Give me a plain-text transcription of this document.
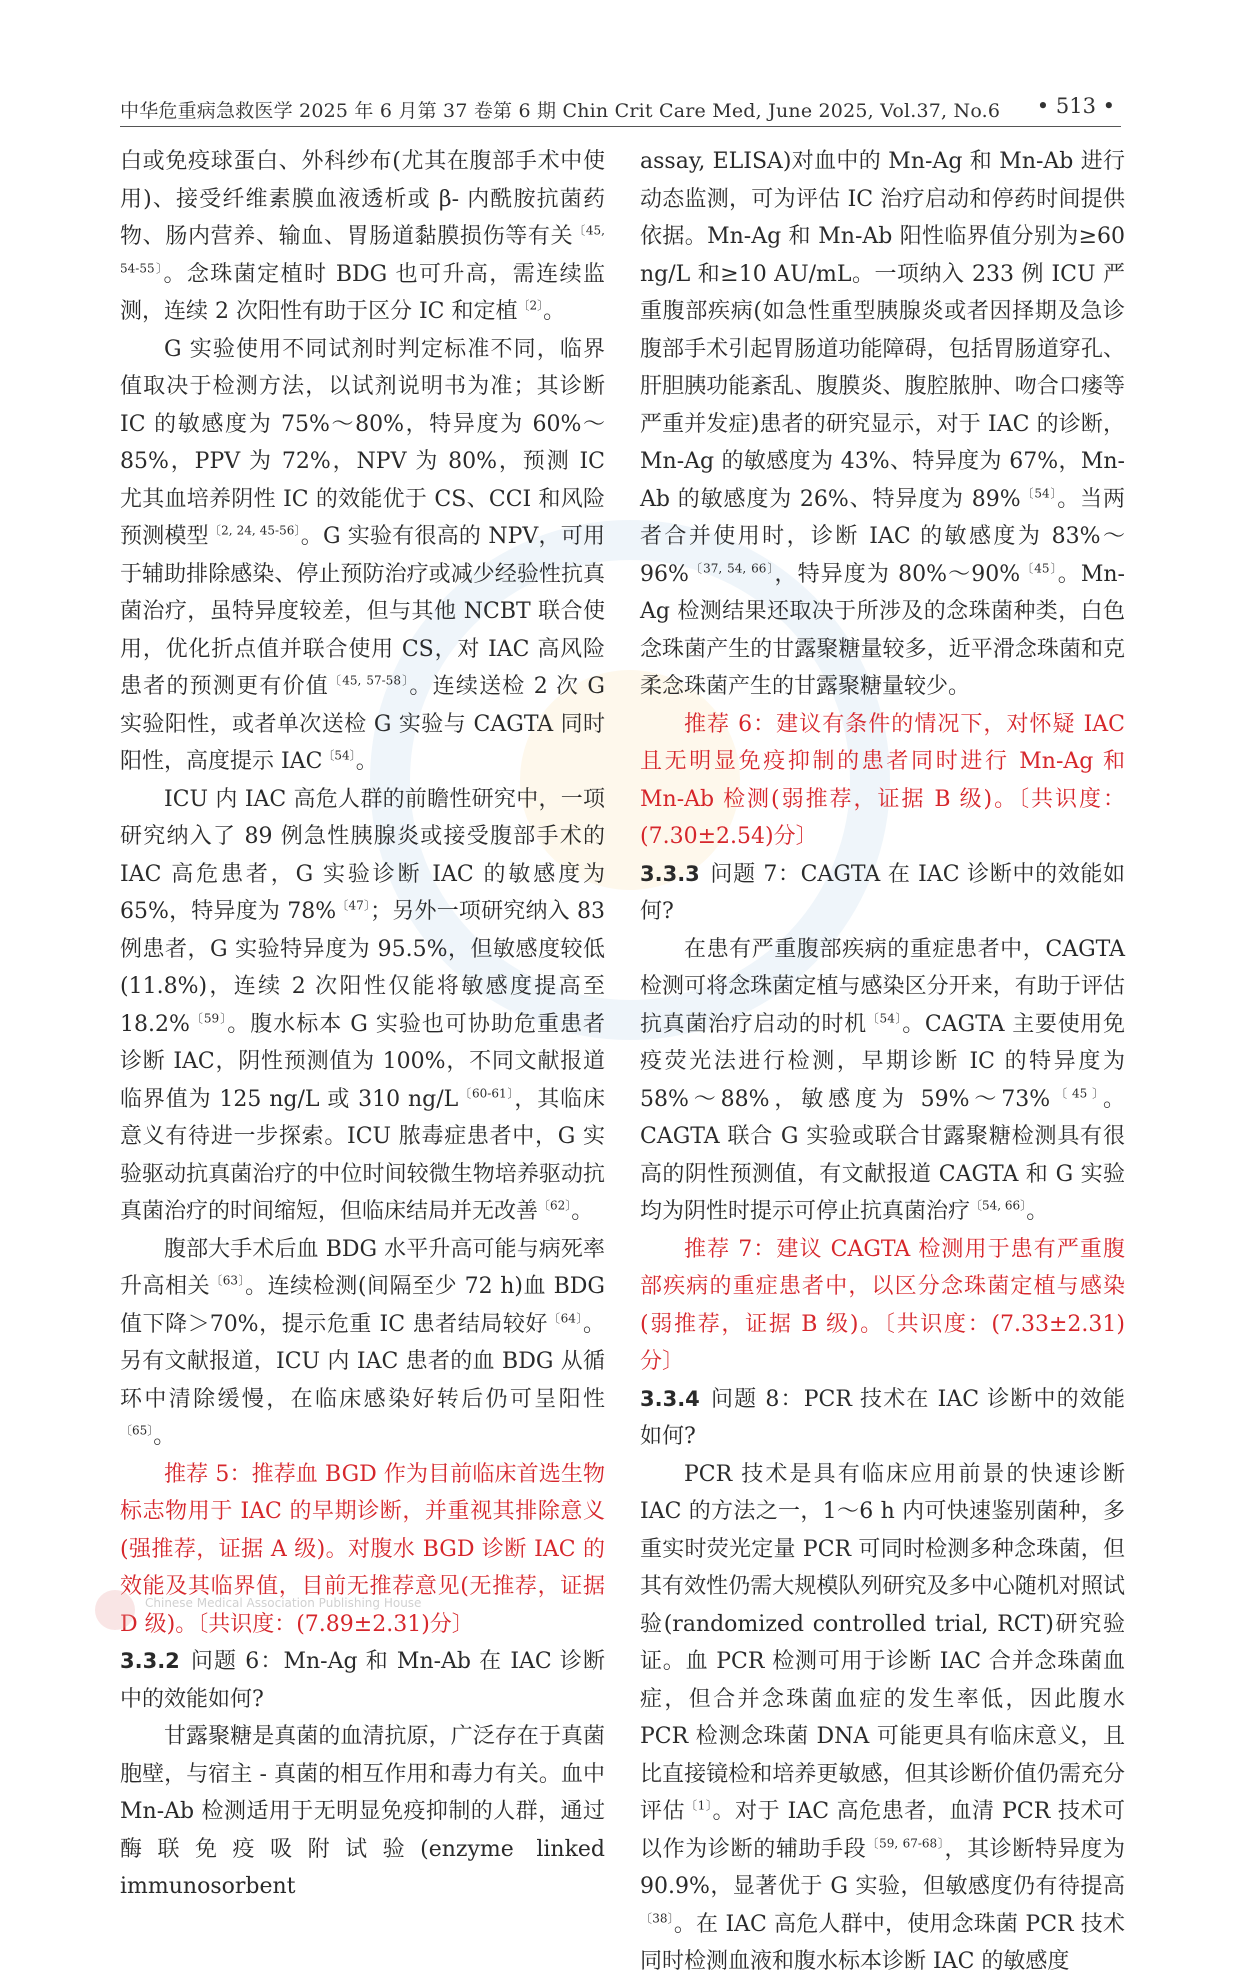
中华危重病急救医学 2025 年 6 月第 37 卷第 6 期 Chin Crit Care Med, June 2025, Vol.37, No.6 • 513 •

白或免疫球蛋白、外科纱布(尤其在腹部手术中使用)、接受纤维素膜血液透析或 β- 内酰胺抗菌药物、肠内营养、输血、胃肠道黏膜损伤等有关$^{〔45, 54-55〕}$。念珠菌定植时 BDG 也可升高，需连续监测，连续 2 次阳性有助于区分 IC 和定植$^{〔2〕}$。

G 实验使用不同试剂时判定标准不同，临界值取决于检测方法，以试剂说明书为准；其诊断 IC 的敏感度为 75%～80%，特异度为 60%～85%，PPV 为 72%，NPV 为 80%，预测 IC 尤其血培养阴性 IC 的效能优于 CS、CCI 和风险预测模型$^{〔2, 24, 45-56〕}$。G 实验有很高的 NPV，可用于辅助排除感染、停止预防治疗或减少经验性抗真菌治疗，虽特异度较差，但与其他 NCBT 联合使用，优化折点值并联合使用 CS，对 IAC 高风险患者的预测更有价值$^{〔45, 57-58〕}$。连续送检 2 次 G 实验阳性，或者单次送检 G 实验与 CAGTA 同时阳性，高度提示 IAC$^{〔54〕}$。

ICU 内 IAC 高危人群的前瞻性研究中，一项研究纳入了 89 例急性胰腺炎或接受腹部手术的 IAC 高危患者，G 实验诊断 IAC 的敏感度为 65%，特异度为 78%$^{〔47〕}$；另外一项研究纳入 83 例患者，G 实验特异度为 95.5%，但敏感度较低(11.8%)，连续 2 次阳性仅能将敏感度提高至 18.2%$^{〔59〕}$。腹水标本 G 实验也可协助危重患者诊断 IAC，阴性预测值为 100%，不同文献报道临界值为 125 ng/L 或 310 ng/L$^{〔60-61〕}$，其临床意义有待进一步探索。ICU 脓毒症患者中，G 实验驱动抗真菌治疗的中位时间较微生物培养驱动抗真菌治疗的时间缩短，但临床结局并无改善$^{〔62〕}$。

腹部大手术后血 BDG 水平升高可能与病死率升高相关$^{〔63〕}$。连续检测(间隔至少 72 h)血 BDG 值下降＞70%，提示危重 IC 患者结局较好$^{〔64〕}$。另有文献报道，ICU 内 IAC 患者的血 BDG 从循环中清除缓慢，在临床感染好转后仍可呈阳性$^{〔65〕}$。

推荐 5：推荐血 BGD 作为目前临床首选生物标志物用于 IAC 的早期诊断，并重视其排除意义(强推荐，证据 A 级)。对腹水 BGD 诊断 IAC 的效能及其临界值，目前无推荐意见(无推荐，证据 D 级)。〔共识度：(7.89±2.31)分〕

3.3.2 问题 6：Mn-Ag 和 Mn-Ab 在 IAC 诊断中的效能如何?

甘露聚糖是真菌的血清抗原，广泛存在于真菌胞壁，与宿主 - 真菌的相互作用和毒力有关。血中 Mn-Ab 检测适用于无明显免疫抑制的人群，通过酶联免疫吸附试验(enzyme linked immunosorbent

assay, ELISA)对血中的 Mn-Ag 和 Mn-Ab 进行动态监测，可为评估 IC 治疗启动和停药时间提供依据。Mn-Ag 和 Mn-Ab 阳性临界值分别为≥60 ng/L 和≥10 AU/mL。一项纳入 233 例 ICU 严重腹部疾病(如急性重型胰腺炎或者因择期及急诊腹部手术引起胃肠道功能障碍，包括胃肠道穿孔、肝胆胰功能紊乱、腹膜炎、腹腔脓肿、吻合口瘘等严重并发症)患者的研究显示，对于 IAC 的诊断，Mn-Ag 的敏感度为 43%、特异度为 67%，Mn-Ab 的敏感度为 26%、特异度为 89%$^{〔54〕}$。当两者合并使用时，诊断 IAC 的敏感度为 83%～96%$^{〔37, 54, 66〕}$，特异度为 80%～90%$^{〔45〕}$。Mn-Ag 检测结果还取决于所涉及的念珠菌种类，白色念珠菌产生的甘露聚糖量较多，近平滑念珠菌和克柔念珠菌产生的甘露聚糖量较少。

推荐 6：建议有条件的情况下，对怀疑 IAC 且无明显免疫抑制的患者同时进行 Mn-Ag 和 Mn-Ab 检测(弱推荐，证据 B 级)。〔共识度：(7.30±2.54)分〕

3.3.3 问题 7：CAGTA 在 IAC 诊断中的效能如何?

在患有严重腹部疾病的重症患者中，CAGTA 检测可将念珠菌定植与感染区分开来，有助于评估抗真菌治疗启动的时机$^{〔54〕}$。CAGTA 主要使用免疫荧光法进行检测，早期诊断 IC 的特异度为 58%～88%，敏感度为 59%～73%$^{〔45〕}$。CAGTA 联合 G 实验或联合甘露聚糖检测具有很高的阴性预测值，有文献报道 CAGTA 和 G 实验均为阴性时提示可停止抗真菌治疗$^{〔54, 66〕}$。

推荐 7：建议 CAGTA 检测用于患有严重腹部疾病的重症患者中，以区分念珠菌定植与感染(弱推荐，证据 B 级)。〔共识度：(7.33±2.31)分〕

3.3.4 问题 8：PCR 技术在 IAC 诊断中的效能如何?

PCR 技术是具有临床应用前景的快速诊断 IAC 的方法之一，1～6 h 内可快速鉴别菌种，多重实时荧光定量 PCR 可同时检测多种念珠菌，但其有效性仍需大规模队列研究及多中心随机对照试验(randomized controlled trial, RCT)研究验证。血 PCR 检测可用于诊断 IAC 合并念珠菌血症，但合并念珠菌血症的发生率低，因此腹水 PCR 检测念珠菌 DNA 可能更具有临床意义，且比直接镜检和培养更敏感，但其诊断价值仍需充分评估$^{〔1〕}$。对于 IAC 高危患者，血清 PCR 技术可以作为诊断的辅助手段$^{〔59, 67-68〕}$，其诊断特异度为 90.9%，显著优于 G 实验，但敏感度仍有待提高$^{〔38〕}$。在 IAC 高危人群中，使用念珠菌 PCR 技术同时检测血液和腹水标本诊断 IAC 的敏感度

Chinese Medical Association Publishing House
